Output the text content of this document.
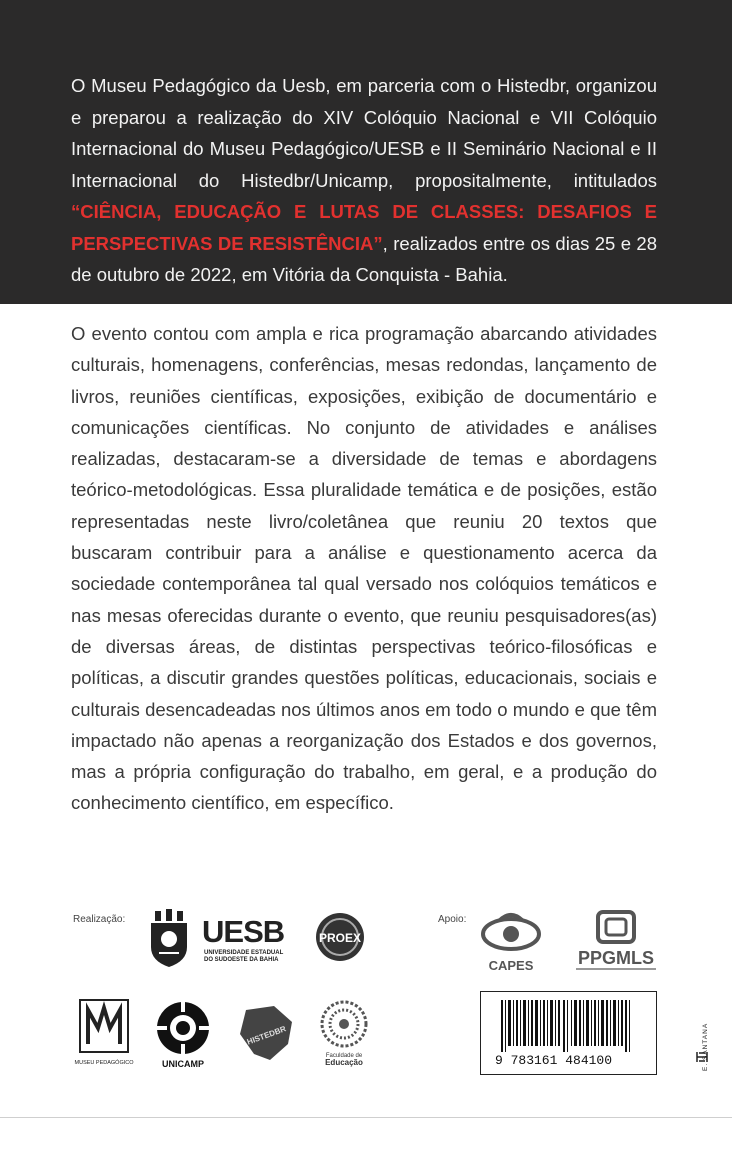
O Museu Pedagógico da Uesb, em parceria com o Histedbr, organizou e preparou a realização do XIV Colóquio Nacional e VII Colóquio Internacional do Museu Pedagógico/UESB e II Seminário Nacional e II Internacional do Histedbr/Unicamp, propositalmente, intitulados “CIÊNCIA, EDUCAÇÃO E LUTAS DE CLASSES: DESAFIOS E PERSPECTIVAS DE RESISTÊNCIA”, realizados entre os dias 25 e 28 de outubro de 2022, em Vitória da Conquista - Bahia.

O evento contou com ampla e rica programação abarcando atividades culturais, homenagens, conferências, mesas redondas, lançamento de livros, reuniões científicas, exposições, exibição de documentário e comunicações científicas. No conjunto de atividades e análises realizadas, destacaram-se a diversidade de temas e abordagens teórico-metodológicas. Essa pluralidade temática e de posições, estão representadas neste livro/coletânea que reuniu 20 textos que buscaram contribuir para a análise e questionamento acerca da sociedade contemporânea tal qual versado nos colóquios temáticos e nas mesas oferecidas durante o evento, que reuniu pesquisadores(as) de diversas áreas, de distintas perspectivas teórico-filosóficas e políticas, a discutir grandes questões políticas, educacionais, sociais e culturais desencadeadas nos últimos anos em todo o mundo e que têm impactado não apenas a reorganização dos Estados e dos governos, mas a própria configuração do trabalho, em geral, e a produção do conhecimento científico, em específico.

Realização:	Apoio:
UESB
UNIVERSIDADE ESTADUAL
DO SUDOESTE DA BAHIA
PROEX
CAPES PPGMLS
MUSEU PEDAGÓGICO	UNICAMP
HISTEDBR
Faculdade de
Educação	9 783161 484100	E. SANTANA
